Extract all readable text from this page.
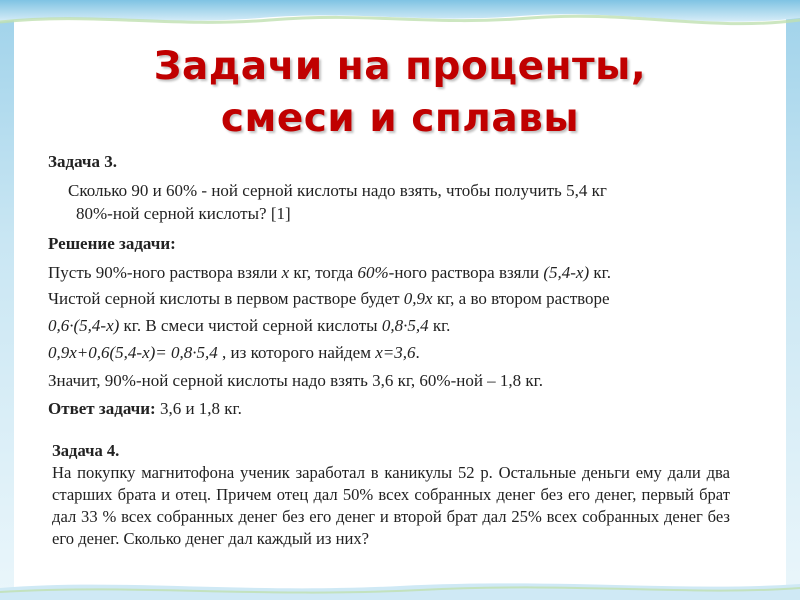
Задачи на проценты,
смеси и сплавы
Задача 3.
Сколько 90 и 60% - ной серной кислоты надо взять, чтобы получить 5,4 кг
80%-ной серной кислоты? [1]
Решение задачи:
Пусть 90%-ного раствора взяли x кг, тогда 60%-ного раствора взяли (5,4-x) кг.
Чистой серной кислоты в первом растворе будет 0,9x кг, а во втором растворе
0,6·(5,4-x) кг. В смеси чистой серной кислоты 0,8·5,4 кг.
0,9x+0,6(5,4-x)= 0,8·5,4 , из которого найдем x=3,6.
Значит, 90%-ной серной кислоты надо взять 3,6 кг, 60%-ной – 1,8 кг.
Ответ задачи: 3,6 и 1,8 кг.
Задача 4.
На покупку магнитофона ученик заработал в каникулы 52 р. Остальные деньги ему дали два старших брата и отец. Причем отец дал 50% всех собранных денег без его денег, первый брат дал 33 % всех собранных денег без его денег и второй брат дал 25% всех собранных денег без его денег. Сколько денег дал каждый из них?
